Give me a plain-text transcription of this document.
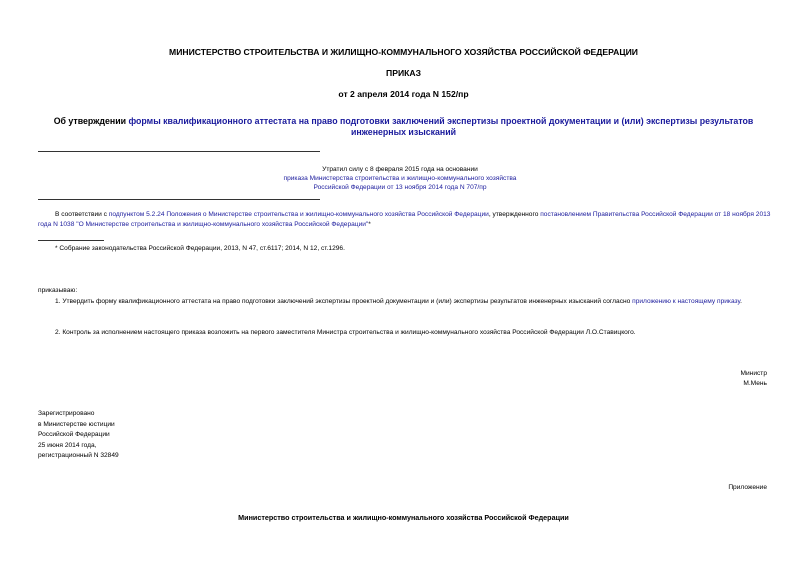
МИНИСТЕРСТВО СТРОИТЕЛЬСТВА И ЖИЛИЩНО-КОММУНАЛЬНОГО ХОЗЯЙСТВА РОССИЙСКОЙ ФЕДЕРАЦИИ
ПРИКАЗ
от 2 апреля 2014 года N 152/пр
Об утверждении формы квалификационного аттестата на право подготовки заключений экспертизы проектной документации и (или) экспертизы результатов инженерных изысканий
Утратил силу с 8 февраля 2015 года на основании
приказа Министерства строительства и жилищно-коммунального хозяйства
Российской Федерации от 13 ноября 2014 года N 707/пр
В соответствии с подпунктом 5.2.24 Положения о Министерстве строительства и жилищно-коммунального хозяйства Российской Федерации, утвержденного постановлением Правительства Российской Федерации от 18 ноября 2013 года N 1038 "О Министерстве строительства и жилищно-коммунального хозяйства Российской Федерации"*
* Собрание законодательства Российской Федерации, 2013, N 47, ст.6117; 2014, N 12, ст.1296.
приказываю:
1. Утвердить форму квалификационного аттестата на право подготовки заключений экспертизы проектной документации и (или) экспертизы результатов инженерных изысканий согласно приложению к настоящему приказу.
2. Контроль за исполнением настоящего приказа возложить на первого заместителя Министра строительства и жилищно-коммунального хозяйства Российской Федерации Л.О.Ставицкого.
Министр
М.Мень
Зарегистрировано
в Министерстве юстиции
Российской Федерации
25 июня 2014 года,
регистрационный N 32849
Приложение
Министерство строительства и жилищно-коммунального хозяйства Российской Федерации
